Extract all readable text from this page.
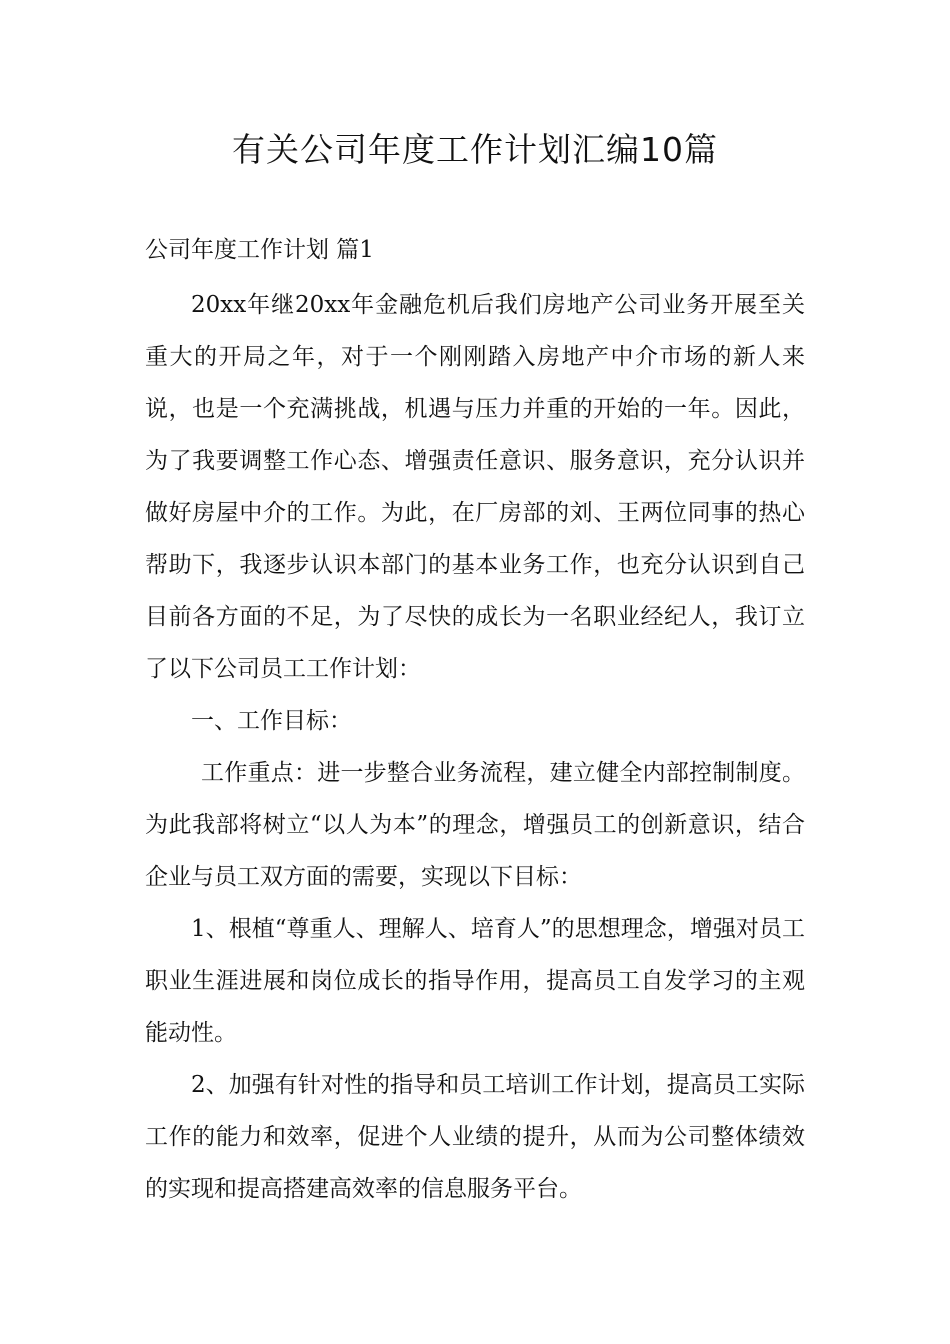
有关公司年度工作计划汇编10篇
公司年度工作计划 篇1

20xx年继20xx年金融危机后我们房地产公司业务开展至关重大的开局之年，对于一个刚刚踏入房地产中介市场的新人来说，也是一个充满挑战，机遇与压力并重的开始的一年。因此，为了我要调整工作心态、增强责任意识、服务意识，充分认识并做好房屋中介的工作。为此，在厂房部的刘、王两位同事的热心帮助下，我逐步认识本部门的基本业务工作，也充分认识到自己目前各方面的不足，为了尽快的成长为一名职业经纪人，我订立了以下公司员工工作计划：

一、工作目标：

工作重点：进一步整合业务流程，建立健全内部控制制度。为此我部将树立“以人为本”的理念，增强员工的创新意识，结合企业与员工双方面的需要，实现以下目标：

1、根植“尊重人、理解人、培育人”的思想理念，增强对员工职业生涯进展和岗位成长的指导作用，提高员工自发学习的主观能动性。

2、加强有针对性的指导和员工培训工作计划，提高员工实际工作的能力和效率，促进个人业绩的提升，从而为公司整体绩效的实现和提高搭建高效率的信息服务平台。
